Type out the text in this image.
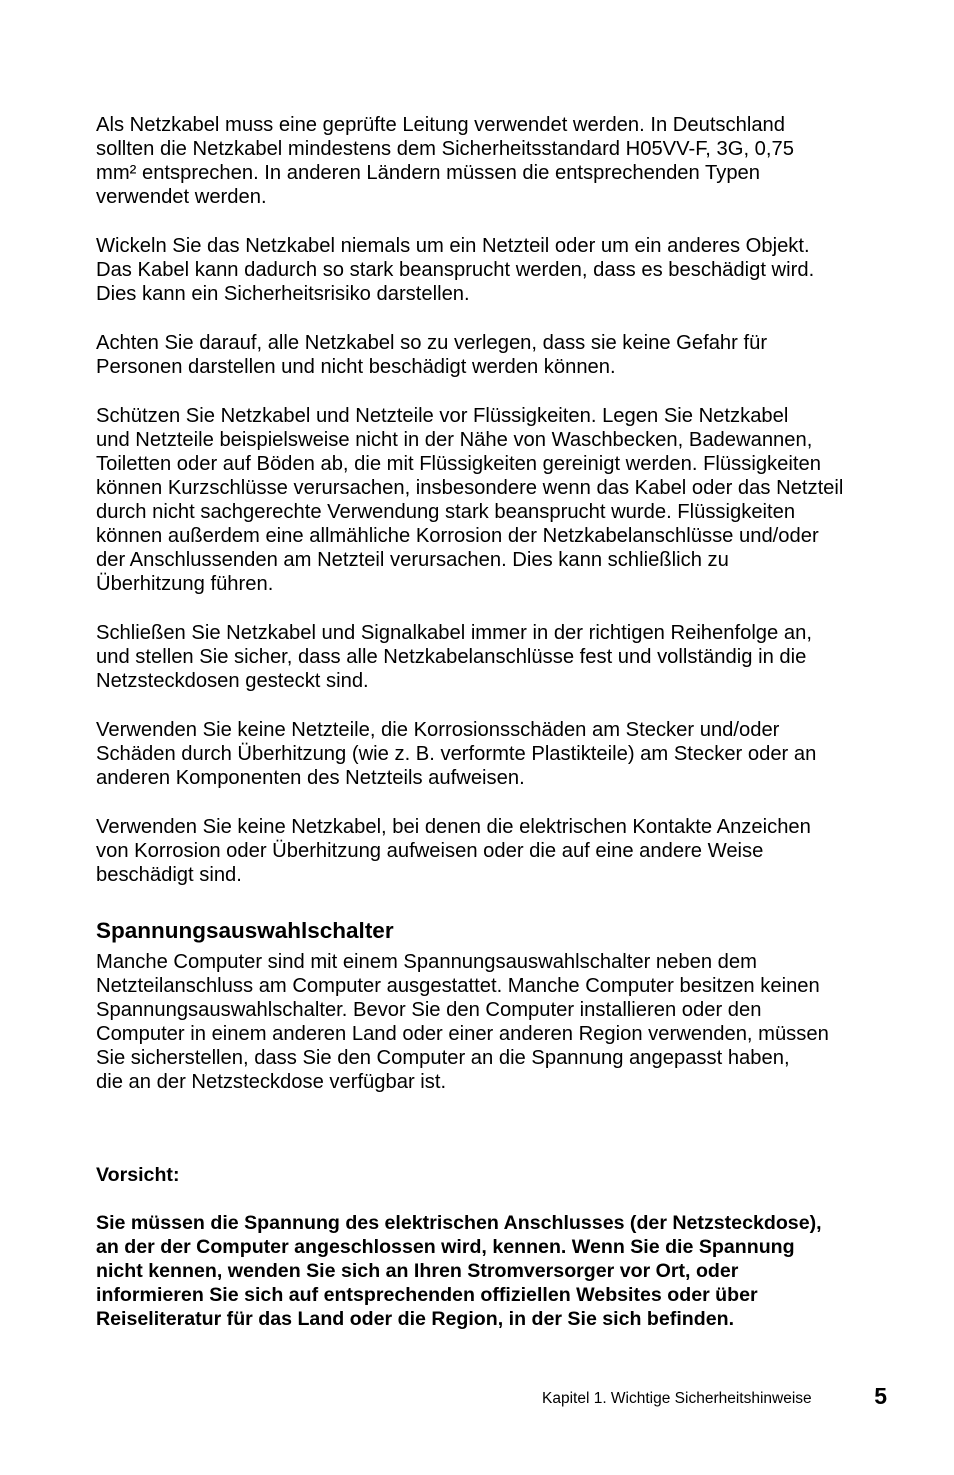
Als Netzkabel muss eine geprüfte Leitung verwendet werden. In Deutschland
sollten die Netzkabel mindestens dem Sicherheitsstandard H05VV-F, 3G, 0,75
mm² entsprechen. In anderen Ländern müssen die entsprechenden Typen
verwendet werden.

Wickeln Sie das Netzkabel niemals um ein Netzteil oder um ein anderes Objekt.
Das Kabel kann dadurch so stark beansprucht werden, dass es beschädigt wird.
Dies kann ein Sicherheitsrisiko darstellen.

Achten Sie darauf, alle Netzkabel so zu verlegen, dass sie keine Gefahr für
Personen darstellen und nicht beschädigt werden können.

Schützen Sie Netzkabel und Netzteile vor Flüssigkeiten. Legen Sie Netzkabel
und Netzteile beispielsweise nicht in der Nähe von Waschbecken, Badewannen,
Toiletten oder auf Böden ab, die mit Flüssigkeiten gereinigt werden. Flüssigkeiten
können Kurzschlüsse verursachen, insbesondere wenn das Kabel oder das Netzteil
durch nicht sachgerechte Verwendung stark beansprucht wurde. Flüssigkeiten
können außerdem eine allmähliche Korrosion der Netzkabelanschlüsse und/oder
der Anschlussenden am Netzteil verursachen. Dies kann schließlich zu
Überhitzung führen.

Schließen Sie Netzkabel und Signalkabel immer in der richtigen Reihenfolge an,
und stellen Sie sicher, dass alle Netzkabelanschlüsse fest und vollständig in die
Netzsteckdosen gesteckt sind.

Verwenden Sie keine Netzteile, die Korrosionsschäden am Stecker und/oder
Schäden durch Überhitzung (wie z. B. verformte Plastikteile) am Stecker oder an
anderen Komponenten des Netzteils aufweisen.

Verwenden Sie keine Netzkabel, bei denen die elektrischen Kontakte Anzeichen
von Korrosion oder Überhitzung aufweisen oder die auf eine andere Weise
beschädigt sind.

Spannungsauswahlschalter

Manche Computer sind mit einem Spannungsauswahlschalter neben dem
Netzteilanschluss am Computer ausgestattet. Manche Computer besitzen keinen
Spannungsauswahlschalter. Bevor Sie den Computer installieren oder den
Computer in einem anderen Land oder einer anderen Region verwenden, müssen
Sie sicherstellen, dass Sie den Computer an die Spannung angepasst haben,
die an der Netzsteckdose verfügbar ist.

Vorsicht:

Sie müssen die Spannung des elektrischen Anschlusses (der Netzsteckdose),
an der der Computer angeschlossen wird, kennen. Wenn Sie die Spannung
nicht kennen, wenden Sie sich an Ihren Stromversorger vor Ort, oder
informieren Sie sich auf entsprechenden offiziellen Websites oder über
Reiseliteratur für das Land oder die Region, in der Sie sich befinden.

Kapitel 1. Wichtige Sicherheitshinweise	5
